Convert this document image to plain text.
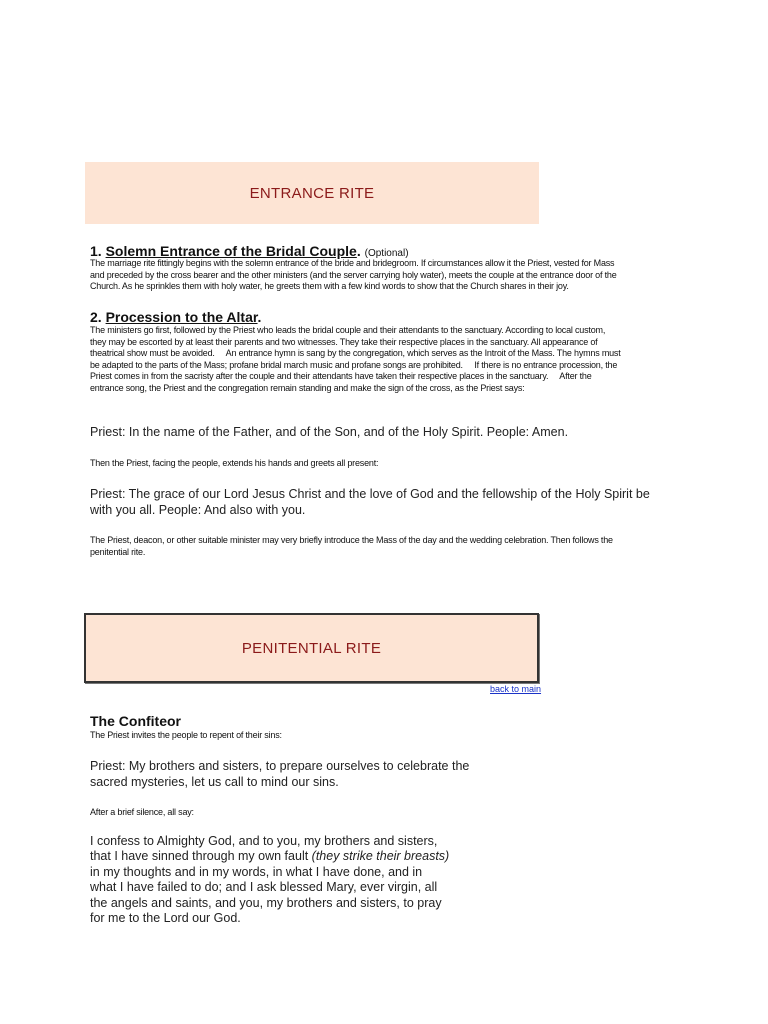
ENTRANCE RITE
1. Solemn Entrance of the Bridal Couple. (Optional)
The marriage rite fittingly begins with the solemn entrance of the bride and bridegroom. If circumstances allow it the Priest, vested for Mass
and preceded by the cross bearer and the other ministers (and the server carrying holy water), meets the couple at the entrance door of the
Church. As he sprinkles them with holy water, he greets them with a few kind words to show that the Church shares in their joy.
2. Procession to the Altar.
The ministers go first, followed by the Priest who leads the bridal couple and their attendants to the sanctuary. According to local custom,
they may be escorted by at least their parents and two witnesses. They take their respective places in the sanctuary. All appearance of
theatrical show must be avoided.     An entrance hymn is sang by the congregation, which serves as the Introit of the Mass. The hymns must
be adapted to the parts of the Mass; profane bridal march music and profane songs are prohibited.     If there is no entrance procession, the
Priest comes in from the sacristy after the couple and their attendants have taken their respective places in the sanctuary.     After the
entrance song, the Priest and the congregation remain standing and make the sign of the cross, as the Priest says:
Priest: In the name of the Father, and of the Son, and of the Holy Spirit. People: Amen.
Then the Priest, facing the people, extends his hands and greets all present:
Priest: The grace of our Lord Jesus Christ and the love of God and the fellowship of the Holy Spirit be
with you all. People: And also with you.
The Priest, deacon, or other suitable minister may very briefly introduce the Mass of the day and the wedding celebration. Then follows the
penitential rite.
PENITENTIAL RITE
back to main
The Confiteor
The Priest invites the people to repent of their sins:
Priest: My brothers and sisters, to prepare ourselves to celebrate the
sacred mysteries, let us call to mind our sins.
After a brief silence, all say:
I confess to Almighty God, and to you, my brothers and sisters,
that I have sinned through my own fault (they strike their breasts)
in my thoughts and in my words, in what I have done, and in
what I have failed to do; and I ask blessed Mary, ever virgin, all
the angels and saints, and you, my brothers and sisters, to pray
for me to the Lord our God.
